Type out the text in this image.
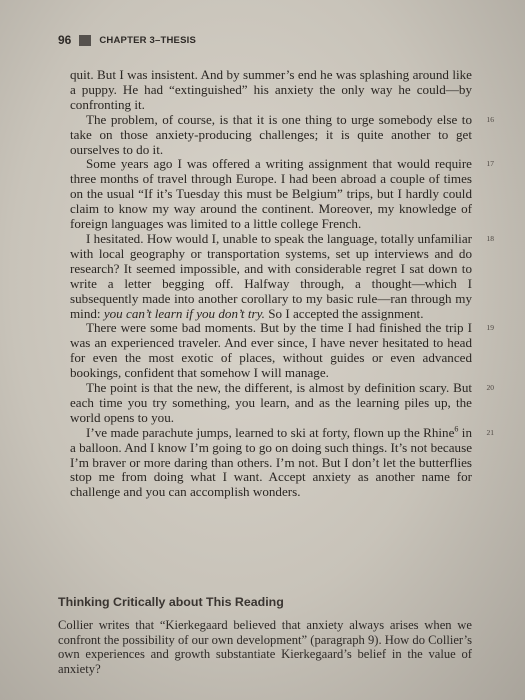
96	CHAPTER 3–THESIS

quit. But I was insistent. And by summer’s end he was splashing around like a puppy. He had “extinguished” his anxiety the only way he could—by confronting it.

16
The problem, of course, is that it is one thing to urge somebody else to take on those anxiety-producing challenges; it is quite another to get ourselves to do it.

17
Some years ago I was offered a writing assignment that would require three months of travel through Europe. I had been abroad a couple of times on the usual “If it’s Tuesday this must be Belgium” trips, but I hardly could claim to know my way around the continent. Moreover, my knowledge of foreign languages was limited to a little college French.

18
I hesitated. How would I, unable to speak the language, totally unfamiliar with local geography or transportation systems, set up interviews and do research? It seemed impossible, and with considerable regret I sat down to write a letter begging off. Halfway through, a thought—which I subsequently made into another corollary to my basic rule—ran through my mind: you can’t learn if you don’t try. So I accepted the assignment.

19
There were some bad moments. But by the time I had finished the trip I was an experienced traveler. And ever since, I have never hesitated to head for even the most exotic of places, without guides or even advanced bookings, confident that somehow I will manage.

20
The point is that the new, the different, is almost by definition scary. But each time you try something, you learn, and as the learning piles up, the world opens to you.

21
I’ve made parachute jumps, learned to ski at forty, flown up the Rhine$^6$ in a balloon. And I know I’m going to go on doing such things. It’s not because I’m braver or more daring than others. I’m not. But I don’t let the butterflies stop me from doing what I want. Accept anxiety as another name for challenge and you can accomplish wonders.

Thinking Critically about This Reading

Collier writes that “Kierkegaard believed that anxiety always arises when we confront the possibility of our own development” (paragraph 9). How do Collier’s own experiences and growth substantiate Kierkegaard’s belief in the value of anxiety?
